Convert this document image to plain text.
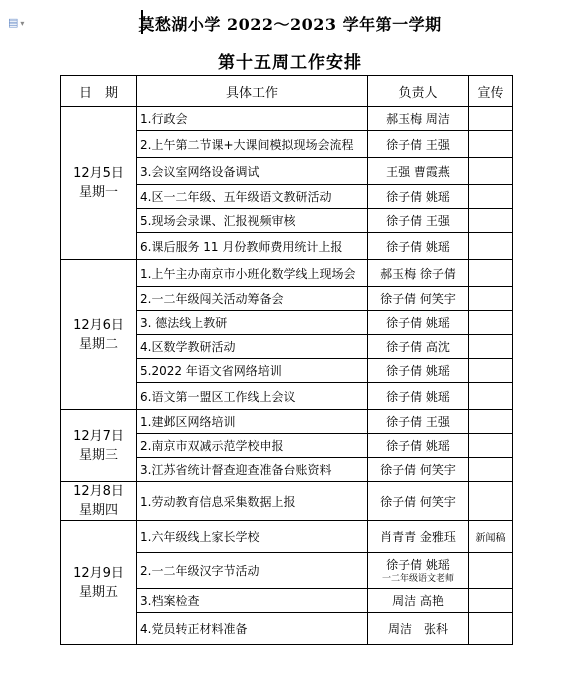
▤ ▾	莫愁湖小学 2022～2023 学年第一学期
第十五周工作安排
日　期	具体工作	负责人	宣传

12月5日
星期一	1.行政会	郝玉梅 周洁	
	2.上午第二节课+大课间模拟现场会流程	徐子倩 王强	
	3.会议室网络设备调试	王强 曹霞燕	
	4.区一二年级、五年级语文教研活动	徐子倩 姚瑶	
	5.现场会录课、汇报视频审核	徐子倩 王强	
	6.课后服务 11 月份教师费用统计上报	徐子倩 姚瑶	

12月6日
星期二	1.上午主办南京市小班化数学线上现场会	郝玉梅 徐子倩	
	2.一二年级闯关活动筹备会	徐子倩 何笑宇	
	3. 德法线上教研	徐子倩 姚瑶	
	4.区数学教研活动	徐子倩 高沈	
	5.2022 年语文省网络培训	徐子倩 姚瑶	
	6.语文第一盟区工作线上会议	徐子倩 姚瑶	

12月7日
星期三	1.建邺区网络培训	徐子倩 王强	
	2.南京市双减示范学校申报	徐子倩 姚瑶	
	3.江苏省统计督查迎查准备台账资料	徐子倩 何笑宇	

12月8日
星期四	1.劳动教育信息采集数据上报	徐子倩 何笑宇	

12月9日
星期五	1.六年级线上家长学校	肖青青 金雅珏	新闻稿
	2.一二年级汉字节活动	徐子倩 姚瑶
一二年级语文老师	

	3.档案检查	周洁 高艳	
	4.党员转正材料准备	周洁　张科	
